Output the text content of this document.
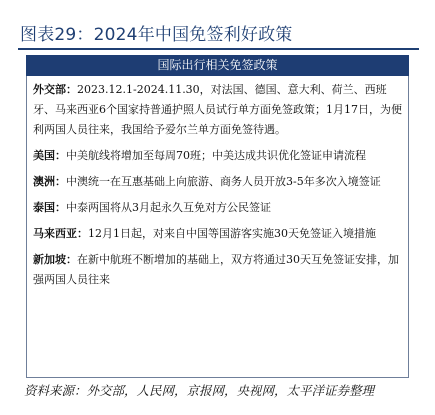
图表29：2024年中国免签利好政策
国际出行相关免签政策
外交部：2023.12.1-2024.11.30，对法国、德国、意大利、荷兰、西班牙、马来西亚6个国家持普通护照人员试行单方面免签政策；1月17日，为便利两国人员往来，我国给予爱尔兰单方面免签待遇。
美国：中美航线将增加至每周70班；中美达成共识优化签证申请流程
澳洲：中澳统一在互惠基础上向旅游、商务人员开放3-5年多次入境签证
泰国：中泰两国将从3月起永久互免对方公民签证
马来西亚：12月1日起，对来自中国等国游客实施30天免签证入境措施
新加坡：在新中航班不断增加的基础上，双方将通过30天互免签证安排，加强两国人员往来
资料来源：外交部，人民网，京报网，央视网，太平洋证券整理
